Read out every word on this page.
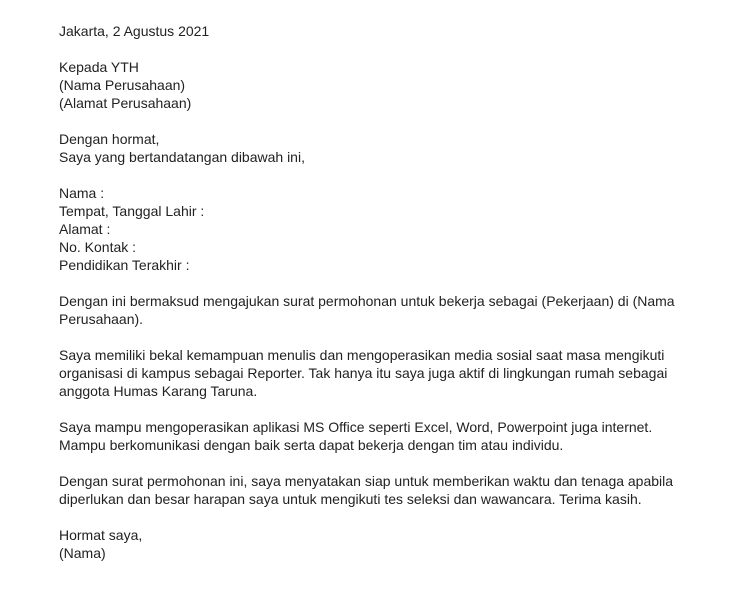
Jakarta, 2 Agustus 2021
Kepada YTH
(Nama Perusahaan)
(Alamat Perusahaan)
Dengan hormat,
Saya yang bertandatangan dibawah ini,
Nama :
Tempat, Tanggal Lahir :
Alamat :
No. Kontak :
Pendidikan Terakhir :
Dengan ini bermaksud mengajukan surat permohonan untuk bekerja sebagai (Pekerjaan) di (Nama
Perusahaan).
Saya memiliki bekal kemampuan menulis dan mengoperasikan media sosial saat masa mengikuti
organisasi di kampus sebagai Reporter. Tak hanya itu saya juga aktif di lingkungan rumah sebagai
anggota Humas Karang Taruna.
Saya mampu mengoperasikan aplikasi MS Office seperti Excel, Word, Powerpoint juga internet.
Mampu berkomunikasi dengan baik serta dapat bekerja dengan tim atau individu.
Dengan surat permohonan ini, saya menyatakan siap untuk memberikan waktu dan tenaga apabila
diperlukan dan besar harapan saya untuk mengikuti tes seleksi dan wawancara. Terima kasih.
Hormat saya,
(Nama)
